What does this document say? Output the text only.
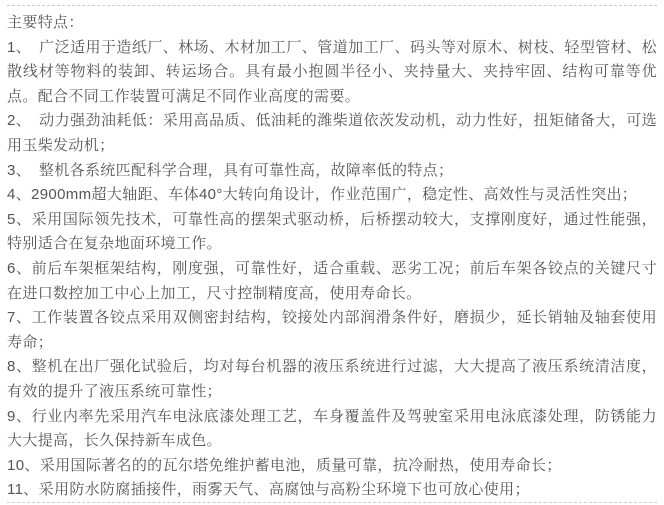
主要特点：

1、　广泛适用于造纸厂、林场、木材加工厂、管道加工厂、码头等对原木、树枝、轻型管材、松散线材等物料的装卸、转运场合。具有最小抱圆半径小、夹持量大、夹持牢固、结构可靠等优点。配合不同工作装置可满足不同作业高度的需要。

2、　动力强劲油耗低：采用高品质、低油耗的潍柴道依茨发动机，动力性好，扭矩储备大，可选用玉柴发动机；

3、　整机各系统匹配科学合理，具有可靠性高，故障率低的特点；

4、2900mm超大轴距、车体40°大转向角设计，作业范围广，稳定性、高效性与灵活性突出；

5、采用国际领先技术，可靠性高的摆架式驱动桥，后桥摆动较大，支撑刚度好，通过性能强，特别适合在复杂地面环境工作。

6、前后车架框架结构，刚度强，可靠性好，适合重载、恶劣工况；前后车架各铰点的关键尺寸在进口数控加工中心上加工，尺寸控制精度高，使用寿命长。

7、工作装置各铰点采用双侧密封结构，铰接处内部润滑条件好，磨损少，延长销轴及轴套使用寿命；

8、整机在出厂强化试验后，均对每台机器的液压系统进行过滤，大大提高了液压系统清洁度，有效的提升了液压系统可靠性；

9、行业内率先采用汽车电泳底漆处理工艺，车身覆盖件及驾驶室采用电泳底漆处理，防锈能力大大提高，长久保持新车成色。

10、采用国际著名的的瓦尔塔免维护蓄电池，质量可靠，抗冷耐热，使用寿命长；

11、采用防水防腐插接件，雨雾天气、高腐蚀与高粉尘环境下也可放心使用；
